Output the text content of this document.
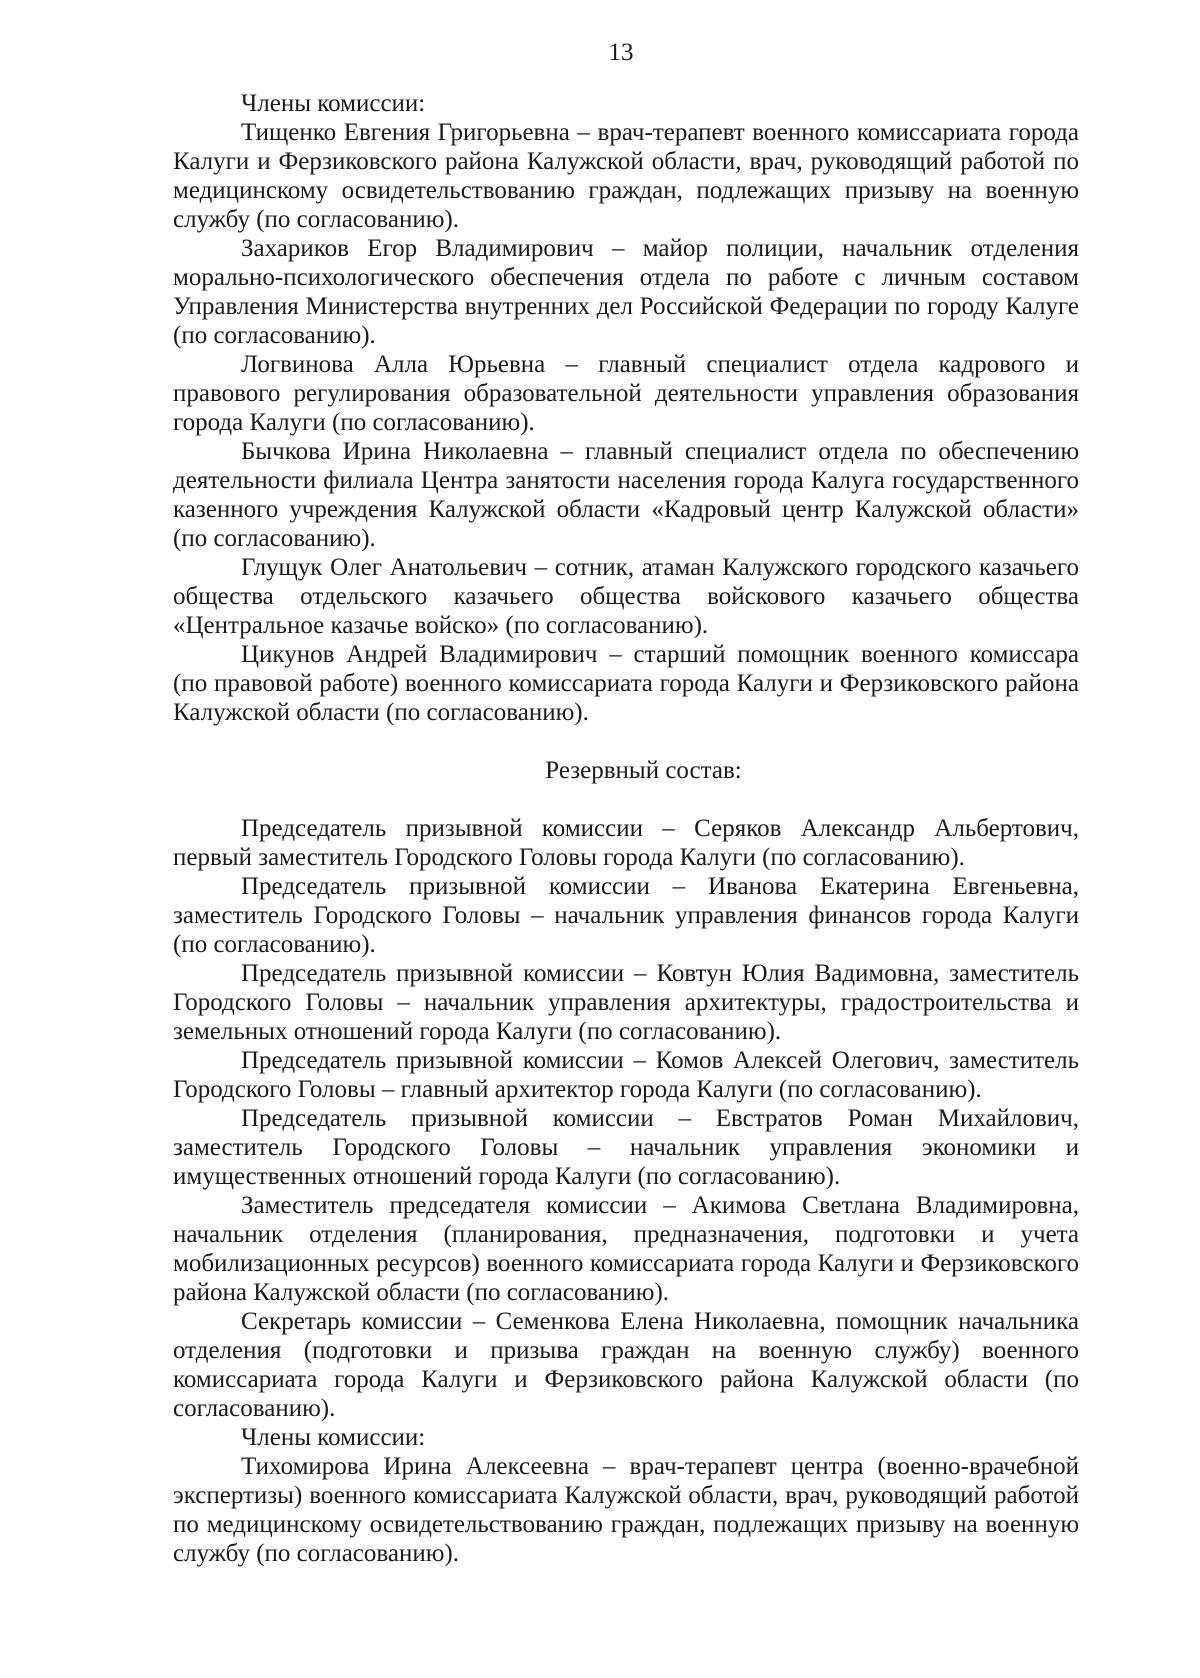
13

Члены комиссии:

Тищенко Евгения Григорьевна – врач-терапевт военного комиссариата города Калуги и Ферзиковского района Калужской области, врач, руководящий работой по медицинскому освидетельствованию граждан, подлежащих призыву на военную службу (по согласованию).

Захариков Егор Владимирович – майор полиции, начальник отделения морально-психологического обеспечения отдела по работе с личным составом Управления Министерства внутренних дел Российской Федерации по городу Калуге (по согласованию).

Логвинова Алла Юрьевна – главный специалист отдела кадрового и правового регулирования образовательной деятельности управления образования города Калуги (по согласованию).

Бычкова Ирина Николаевна – главный специалист отдела по обеспечению деятельности филиала Центра занятости населения города Калуга государственного казенного учреждения Калужской области «Кадровый центр Калужской области» (по согласованию).

Глущук Олег Анатольевич – сотник, атаман Калужского городского казачьего общества отдельского казачьего общества войскового казачьего общества «Центральное казачье войско» (по согласованию).

Цикунов Андрей Владимирович – старший помощник военного комиссара (по правовой работе) военного комиссариата города Калуги и Ферзиковского района Калужской области (по согласованию).

Резервный состав:

Председатель призывной комиссии – Серяков Александр Альбертович, первый заместитель Городского Головы города Калуги (по согласованию).

Председатель призывной комиссии – Иванова Екатерина Евгеньевна, заместитель Городского Головы – начальник управления финансов города Калуги (по согласованию).

Председатель призывной комиссии – Ковтун Юлия Вадимовна, заместитель Городского Головы – начальник управления архитектуры, градостроительства и земельных отношений города Калуги (по согласованию).

Председатель призывной комиссии – Комов Алексей Олегович, заместитель Городского Головы – главный архитектор города Калуги (по согласованию).

Председатель призывной комиссии – Евстратов Роман Михайлович, заместитель Городского Головы – начальник управления экономики и имущественных отношений города Калуги (по согласованию).

Заместитель председателя комиссии – Акимова Светлана Владимировна, начальник отделения (планирования, предназначения, подготовки и учета мобилизационных ресурсов) военного комиссариата города Калуги и Ферзиковского района Калужской области (по согласованию).

Секретарь комиссии – Семенкова Елена Николаевна, помощник начальника отделения (подготовки и призыва граждан на военную службу) военного комиссариата города Калуги и Ферзиковского района Калужской области (по согласованию).

Члены комиссии:

Тихомирова Ирина Алексеевна – врач-терапевт центра (военно-врачебной экспертизы) военного комиссариата Калужской области, врач, руководящий работой по медицинскому освидетельствованию граждан, подлежащих призыву на военную службу (по согласованию).
